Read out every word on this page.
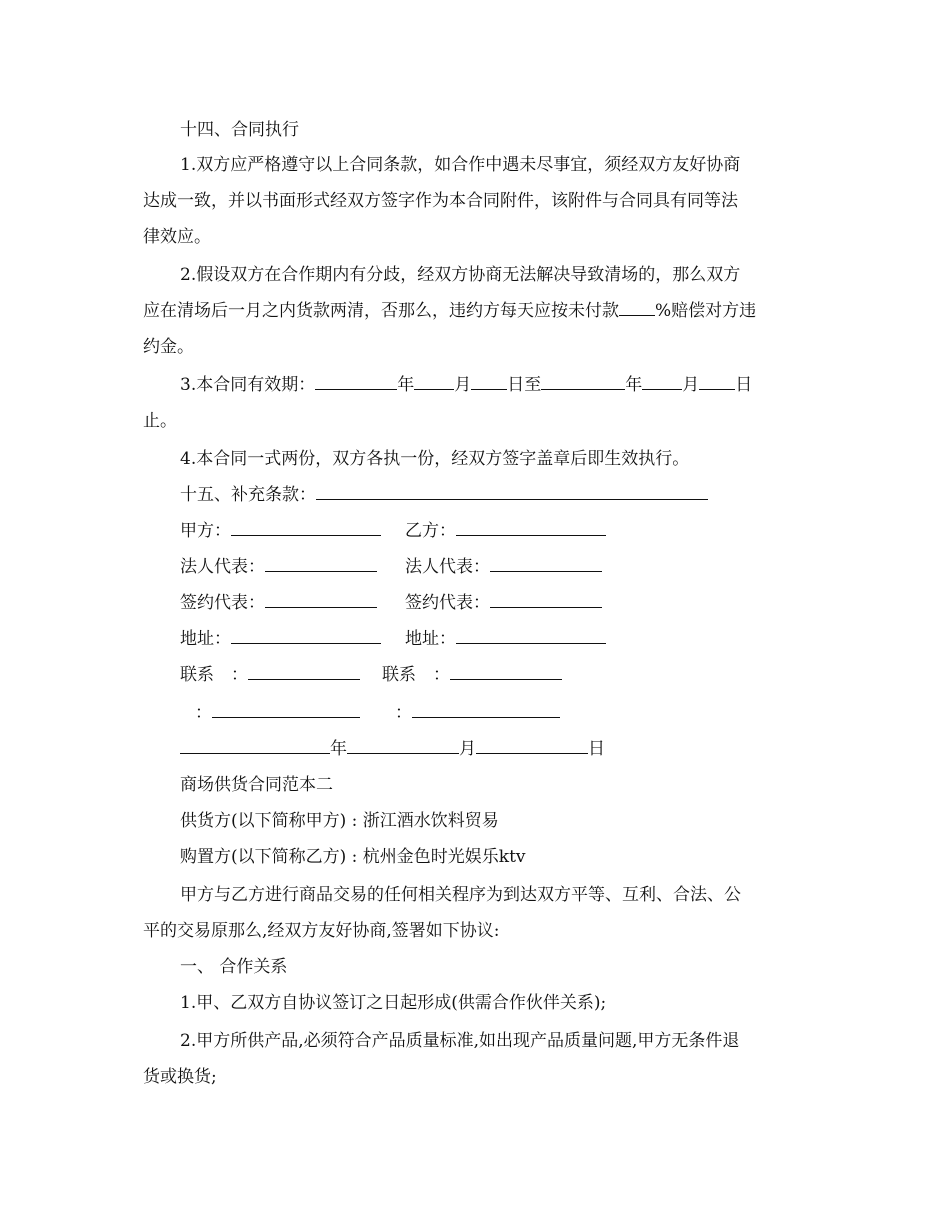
十四、合同执行
1.双方应严格遵守以上合同条款，如合作中遇未尽事宜，须经双方友好协商
达成一致，并以书面形式经双方签字作为本合同附件，该附件与合同具有同等法
律效应。
2.假设双方在合作期内有分歧，经双方协商无法解决导致清场的，那么双方
应在清场后一月之内货款两清，否那么，违约方每天应按未付款 %赔偿对方违
约金。
3.本合同有效期：	年 月 日至	年 月 日
止。
4.本合同一式两份，双方各执一份，经双方签字盖章后即生效执行。
十五、补充条款：
甲方：	乙方：
法人代表：	法人代表：
签约代表：	签约代表：
地址：	地址：
联系　：	联系　：
：	：
年	月	日
商场供货合同范本二
供货方(以下简称甲方) : 浙江酒水饮料贸易
购置方(以下简称乙方) : 杭州金色时光娱乐ktv
甲方与乙方进行商品交易的任何相关程序为到达双方平等、互利、合法、公
平的交易原那么,经双方友好协商,签署如下协议:
一、 合作关系
1.甲、乙双方自协议签订之日起形成(供需合作伙伴关系);
2.甲方所供产品,必须符合产品质量标准,如出现产品质量问题,甲方无条件退
货或换货;
